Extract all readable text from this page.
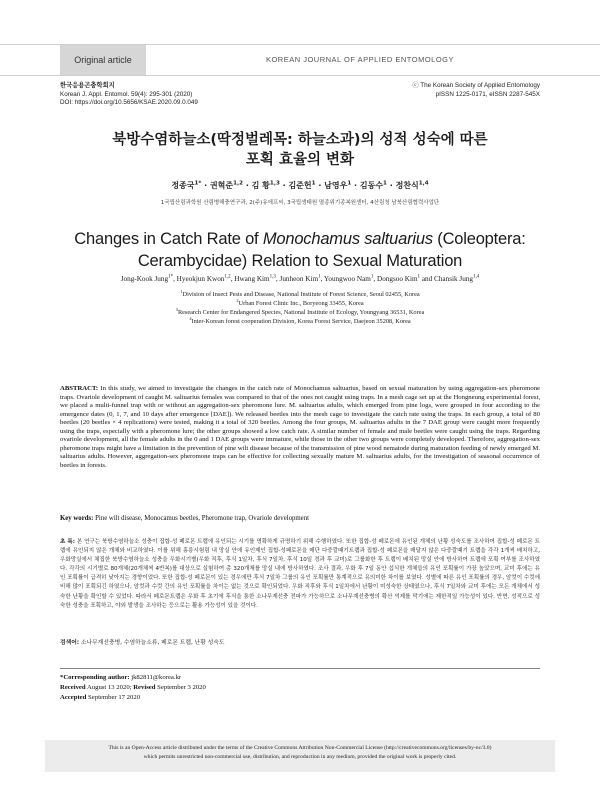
Original article	KOREAN JOURNAL OF APPLIED ENTOMOLOGY
한국응용곤충학회지
Korean J. Appl. Entomol. 59(4): 295-301 (2020)
DOI: https://doi.org/10.5656/KSAE.2020.09.0.049
ⓒ The Korean Society of Applied Entomology
pISSN 1225-0171, eISSN 2287-545X
북방수염하늘소(딱정벌레목: 하늘소과)의 성적 성숙에 따른
포획 효율의 변화
정종국$^{1*}$ · 권혁준$^{1,2}$ · 김 황$^{1,3}$ · 김준헌$^1$ · 남영우$^1$ · 김동수$^1$ · 정찬식$^{1,4}$
1국립산림과학원 산림병해충연구과, 2(주)유에프씨, 3국립생태원 멸종위기종복원센터, 4산림청 남북산림협력사업단
Changes in Catch Rate of Monochamus saltuarius (Coleoptera:
Cerambycidae) Relation to Sexual Maturation
Jong-Kook Jung$^{1*}$, Hyeokjun Kwon$^{1,2}$, Hwang Kim$^{1,3}$, Junheon Kim$^1$, Youngwoo Nam$^1$, Dongsoo Kim$^1$ and Chansik Jung$^{1,4}$
$^1$Division of Insect Pests and Disease, National Institute of Forest Science, Seoul 02455, Korea
$^2$Urban Forest Clinic Inc., Boryeong 33455, Korea
$^3$Research Center for Endangered Species, National Institute of Ecology, Youngyang 36531, Korea
$^4$Inter-Korean forest cooperation Division, Korea Forest Service, Daejeon 35208, Korea
ABSTRACT: In this study, we aimed to investigate the changes in the catch rate of Monochamus saltuarius, based on sexual maturation by using aggregation-sex pheromone traps. Ovariole development of caught M. saltuarius females was compared to that of the ones not caught using traps. In a mesh cage set up at the Hongneung experimental forest, we placed a multi-funnel trap with or without an aggregation-sex pheromone lure. M. saltuarius adults, which emerged from pine logs, were grouped in four according to the emergence dates (0, 1, 7, and 10 days after emergence [DAE]). We released beetles into the mesh cage to investigate the catch rate using the traps. In each group, a total of 80 beetles (20 beetles × 4 replications) were tested, making it a total of 320 beetles. Among the four groups, M. saltuarius adults in the 7 DAE group were caught more frequently using the traps, especially with a pheromone lure; the other groups showed a low catch rate. A similar number of female and male beetles were caught using the traps. Regarding ovariole development, all the female adults in the 0 and 1 DAE groups were immature, while those in the other two groups were completely developed. Therefore, aggregation-sex pheromone traps might have a limitation in the prevention of pine wilt disease because of the transmission of pine wood nematode during maturation feeding of newly emerged M. saltuarius adults. However, aggregation-sex pheromone traps can be effective for collecting sexually mature M. saltuarius adults, for the investigation of seasonal occurrence of beetles in forests.
Key words: Pine wilt disease, Monocamus beetles, Pheromone trap, Ovariole development
초 록: 본 연구는 북방수염하늘소 성충이 집합-성 페로몬 트랩에 유인되는 시기를 명확하게 규명하기 위해 수행하였다. 또한 집합-성 페로몬에 유인된 개체의 난황 성숙도를 조사하여 집합-성 페로몬 트랩에 유인되지 않은 개체와 비교하였다. 이를 위해 홍릉시험림 내 망실 안에 유인제인 집합-성페로몬을 매단 다중깔때기트랩과 집합-성 페로몬을 매달지 않은 다중깔때기 트랩을 각각 1개씩 배치하고, 우화망실에서 채집한 북방수염하늘소 성충을 우화시기별(우화 직후, 후식 1일차, 후식 7일차, 후식 10일 경과 후 교미)로 그룹화한 후 트랩이 배치된 망실 안에 방사하여 트랩에 포획 여부를 조사하였다. 각각의 시기별로 80개체(20개체씩 4반복)를 대상으로 실험하여 총 320개체를 망실 내에 방사하였다. 조사 결과, 우화 후 7일 동안 섭식한 개체들의 유인 포획률이 가장 높았으며, 교미 후에는 유인 포획률이 급격히 낮아지는 경향이었다. 또한 집합-성 페로몬이 있는 경우에만 후식 7일차 그룹의 유인 포획률만 통계적으로 유의미한 차이를 보였다. 성별에 따른 유인 포획률의 경우, 암컷이 수컷에 비해 많이 포획되긴 하였으나, 암컷과 수컷 간의 유인 포획률을 차이는 없는 것으로 확인되었다. 우화 직후와 후식 1일차에서 난황이 미성숙한 상태였으나, 후식 7일차와 교미 후에는 모든 개체에서 성숙한 난황을 확인할 수 있었다. 따라서 페로몬트랩은 우화 후 초기에 후식을 통한 소나무재선충 전파가 가능하므로 소나무재선충병의 확산 억제를 막기에는 제한적일 가능성이 있다. 반면, 성적으로 성숙한 성충을 포획하고, 야외 발생을 조사하는 등으로는 활용 가능성이 있을 것이다.
검색어: 소나무재선충병, 수염하늘소류, 페로몬 트랩, 난황 성숙도
*Corresponding author: jk82811@korea.kr
Received August 13 2020; Revised September 3 2020
Accepted September 17 2020
This is an Open-Access article distributed under the terms of the Creative Commons Attribution Non-Commercial License (http://creativecommons.org/licenses/by-nc/3.0)
which permits unrestricted non-commercial use, distribution, and reproduction in any medium, provided the original work is properly cited.
